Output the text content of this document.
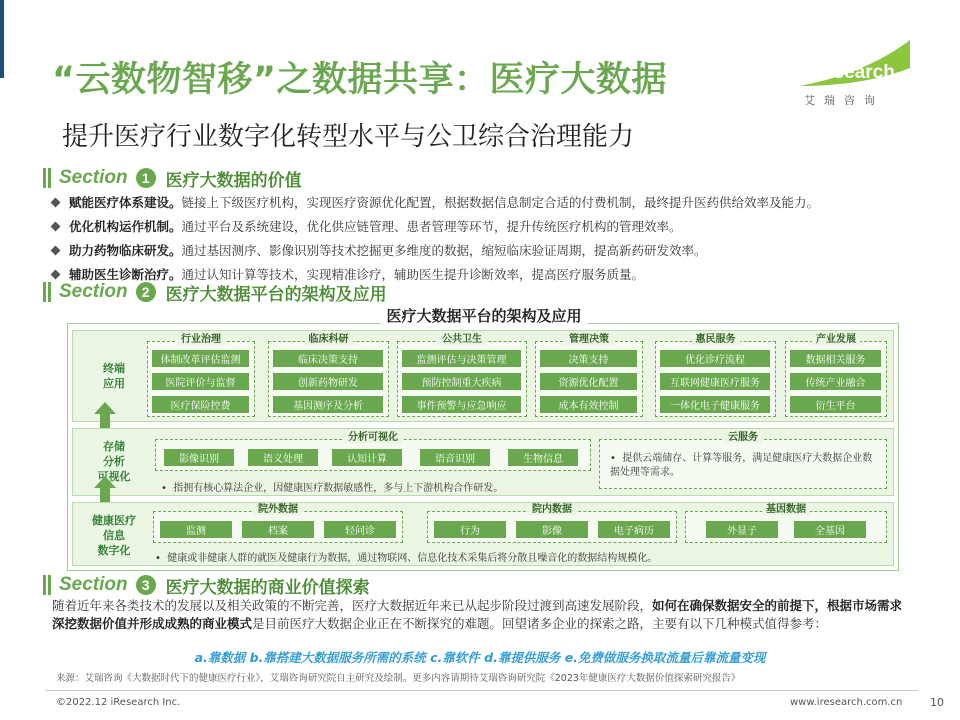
“云数物智移”之数据共享：医疗大数据	iResearch
艾瑞咨询
提升医疗行业数字化转型水平与公卫综合治理能力
Section	1 医疗大数据的价值
赋能医疗体系建设。 链接上下级医疗机构，实现医疗资源优化配置，根据数据信息制定合适的付费机制，最终提升医药供给效率及能力。
优化机构运作机制。 通过平台及系统建设，优化供应链管理、患者管理等环节，提升传统医疗机构的管理效率。
助力药物临床研发。 通过基因测序、影像识别等技术挖掘更多维度的数据，缩短临床验证周期，提高新药研发效率。
辅助医生诊断治疗。 通过认知计算等技术，实现精准诊疗，辅助医生提升诊断效率，提高医疗服务质量。
Section	2 医疗大数据平台的架构及应用
医疗大数据平台的架构及应用
终端
应用
行业治理
体制改革评估监测
医院评价与监督
医疗保险控费
临床科研
临床决策支持
创新药物研发
基因测序及分析
公共卫生
监测评估与决策管理
预防控制重大疾病
事件预警与应急响应
管理决策
决策支持
资源优化配置
成本有效控制
惠民服务
优化诊疗流程
互联网健康医疗服务
一体化电子健康服务
产业发展
数据相关服务
传统产业融合
衍生平台
存储
分析
可视化
分析可视化
影像识别	语义处理	认知计算	语音识别	生物信息
•  指拥有核心算法企业，因健康医疗数据敏感性，多与上下游机构合作研发。
云服务
•  提供云端储存、计算等服务，满足健康医疗大数据企业数据处理等需求。
健康医疗
信息
数字化
院外数据
监测	档案	轻问诊
院内数据
行为	影像	电子病历
基因数据
外显子	全基因
•  健康或非健康人群的就医及健康行为数据，通过物联网、信息化技术采集后将分散且噪音化的数据结构规模化。
Section	3 医疗大数据的商业价值探索
随着近年来各类技术的发展以及相关政策的不断完善，医疗大数据近年来已从起步阶段过渡到高速发展阶段，如何在确保数据安全的前提下，根据市场需求深挖数据价值并形成成熟的商业模式是目前医疗大数据企业正在不断探究的难题。回望诸多企业的探索之路，主要有以下几种模式值得参考：
a.靠数据 b.靠搭建大数据服务所需的系统 c.靠软件 d.靠提供服务 e.免费做服务换取流量后靠流量变现
来源：艾瑞咨询《大数据时代下的健康医疗行业》，艾瑞咨询研究院自主研究及绘制。更多内容请期待艾瑞咨询研究院《2023年健康医疗大数据价值探索研究报告》
©2022.12 iResearch Inc.	www.iresearch.com.cn	10
